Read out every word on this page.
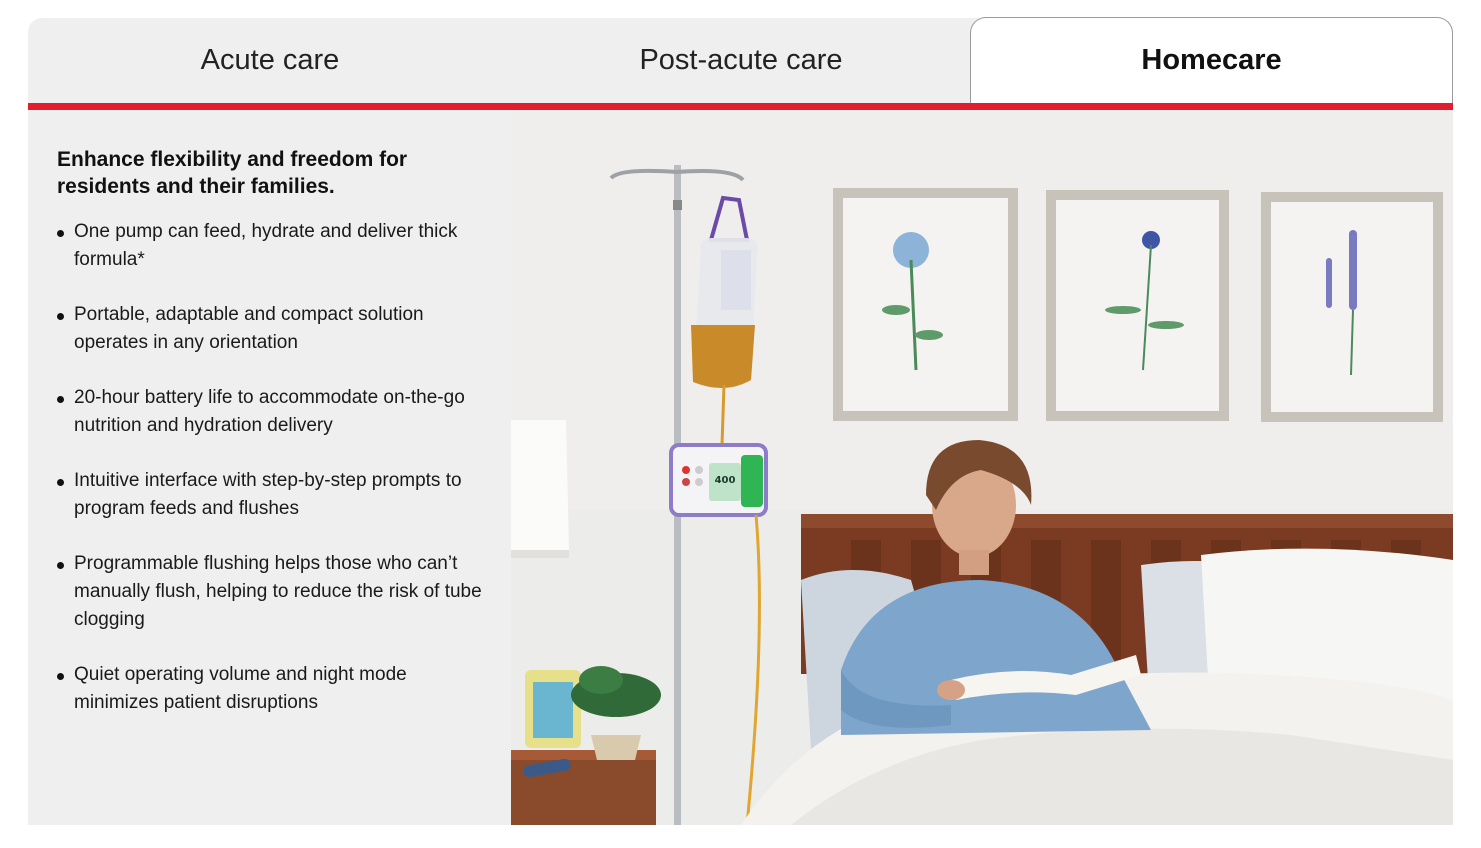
Acute care	Post-acute care	Homecare
Enhance flexibility and freedom for residents and their families.
One pump can feed, hydrate and deliver thick formula*
Portable, adaptable and compact solution operates in any orientation
20-hour battery life to accommodate on-the-go nutrition and hydration delivery
Intuitive interface with step-by-step prompts to program feeds and flushes
Programmable flushing helps those who can’t manually flush, helping to reduce the risk of tube clogging
Quiet operating volume and night mode minimizes patient disruptions
400
